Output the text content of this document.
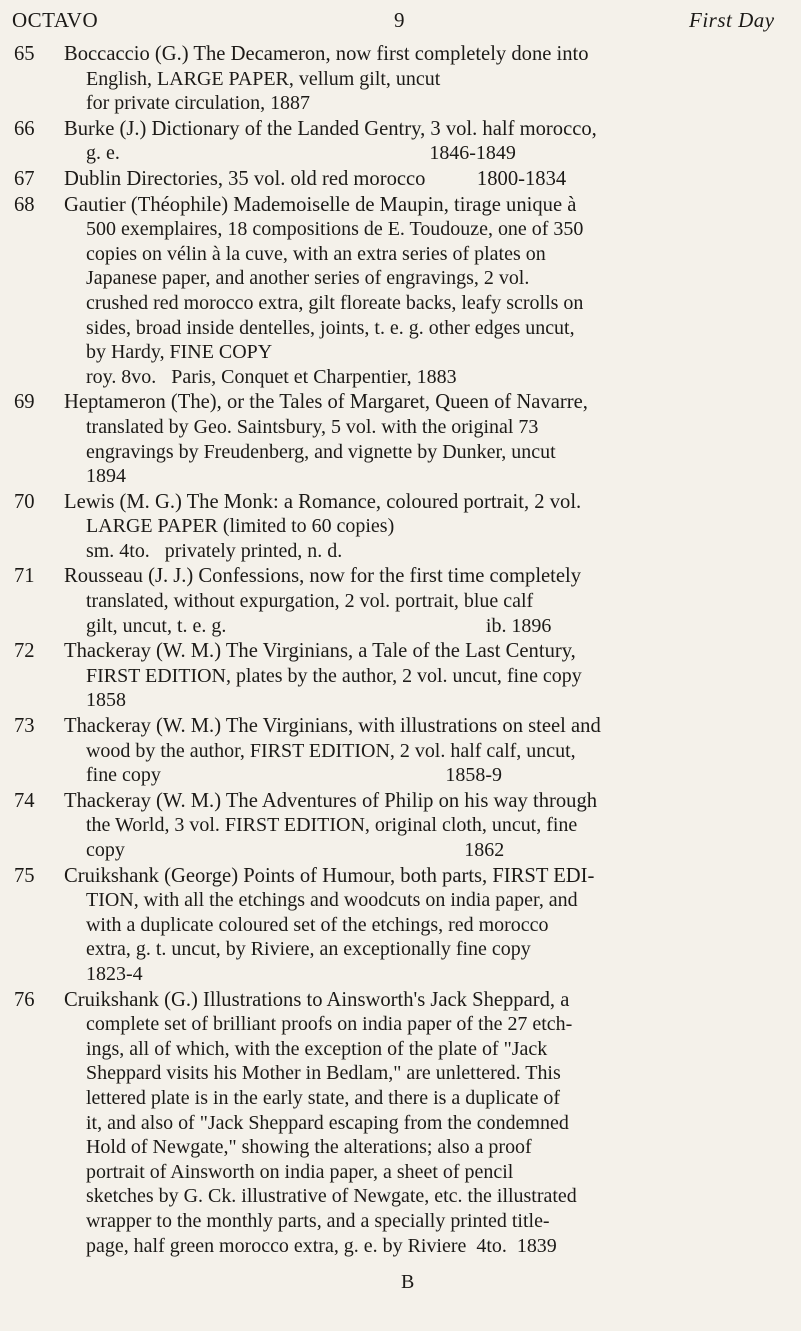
OCTAVO	9	First Day
65	Boccaccio (G.) The Decameron, now first completely done into
English, LARGE PAPER, vellum gilt, uncut
for private circulation, 1887
66	Burke (J.) Dictionary of the Landed Gentry, 3 vol. half morocco,
g. e.                                                              1846-1849
67	Dublin Directories, 35 vol. old red morocco          1800-1834
68	Gautier (Théophile) Mademoiselle de Maupin, tirage unique à
500 exemplaires, 18 compositions de E. Toudouze, one of 350
copies on vélin à la cuve, with an extra series of plates on
Japanese paper, and another series of engravings, 2 vol.
crushed red morocco extra, gilt floreate backs, leafy scrolls on
sides, broad inside dentelles, joints, t. e. g. other edges uncut,
by Hardy, FINE COPY
roy. 8vo.   Paris, Conquet et Charpentier, 1883
69	Heptameron (The), or the Tales of Margaret, Queen of Navarre,
translated by Geo. Saintsbury, 5 vol. with the original 73
engravings by Freudenberg, and vignette by Dunker, uncut
1894
70	Lewis (M. G.) The Monk: a Romance, coloured portrait, 2 vol.
LARGE PAPER (limited to 60 copies)
sm. 4to.   privately printed, n. d.
71	Rousseau (J. J.) Confessions, now for the first time completely
translated, without expurgation, 2 vol. portrait, blue calf
gilt, uncut, t. e. g.                                                    ib. 1896
72	Thackeray (W. M.) The Virginians, a Tale of the Last Century,
FIRST EDITION, plates by the author, 2 vol. uncut, fine copy
1858
73	Thackeray (W. M.) The Virginians, with illustrations on steel and
wood by the author, FIRST EDITION, 2 vol. half calf, uncut,
fine copy                                                         1858-9
74	Thackeray (W. M.) The Adventures of Philip on his way through
the World, 3 vol. FIRST EDITION, original cloth, uncut, fine
copy                                                                    1862
75	Cruikshank (George) Points of Humour, both parts, FIRST EDI-
TION, with all the etchings and woodcuts on india paper, and
with a duplicate coloured set of the etchings, red morocco
extra, g. t. uncut, by Riviere, an exceptionally fine copy
1823-4
76	Cruikshank (G.) Illustrations to Ainsworth's Jack Sheppard, a
complete set of brilliant proofs on india paper of the 27 etch-
ings, all of which, with the exception of the plate of "Jack
Sheppard visits his Mother in Bedlam," are unlettered. This
lettered plate is in the early state, and there is a duplicate of
it, and also of "Jack Sheppard escaping from the condemned
Hold of Newgate," showing the alterations; also a proof
portrait of Ainsworth on india paper, a sheet of pencil
sketches by G. Ck. illustrative of Newgate, etc. the illustrated
wrapper to the monthly parts, and a specially printed title-
page, half green morocco extra, g. e. by Riviere  4to.  1839
B
